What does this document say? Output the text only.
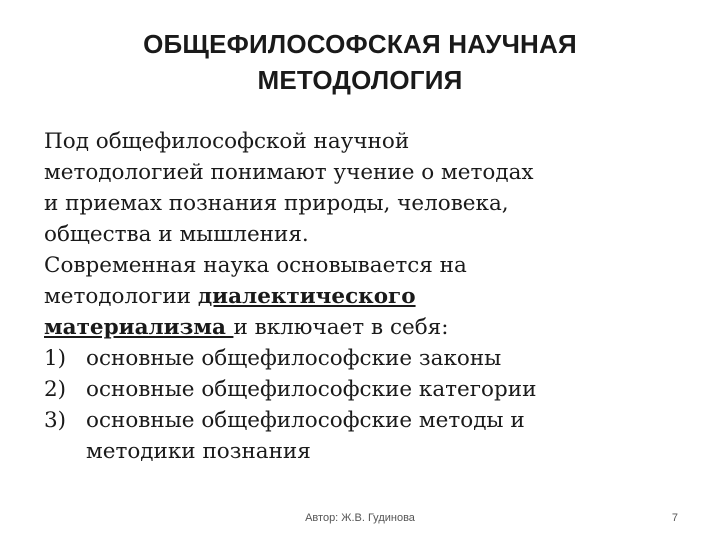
ОБЩЕФИЛОСОФСКАЯ НАУЧНАЯ
МЕТОДОЛОГИЯ

Под общефилософской научной
методологией понимают учение о методах
и приемах познания природы, человека,
общества и мышления.

Современная наука основывается на
методологии диалектического
материализма и включает в себя:

1) основные общефилософские законы
2) основные общефилософские категории
3) основные общефилософские методы и
методики познания
Автор: Ж.В. Гудинова	7
